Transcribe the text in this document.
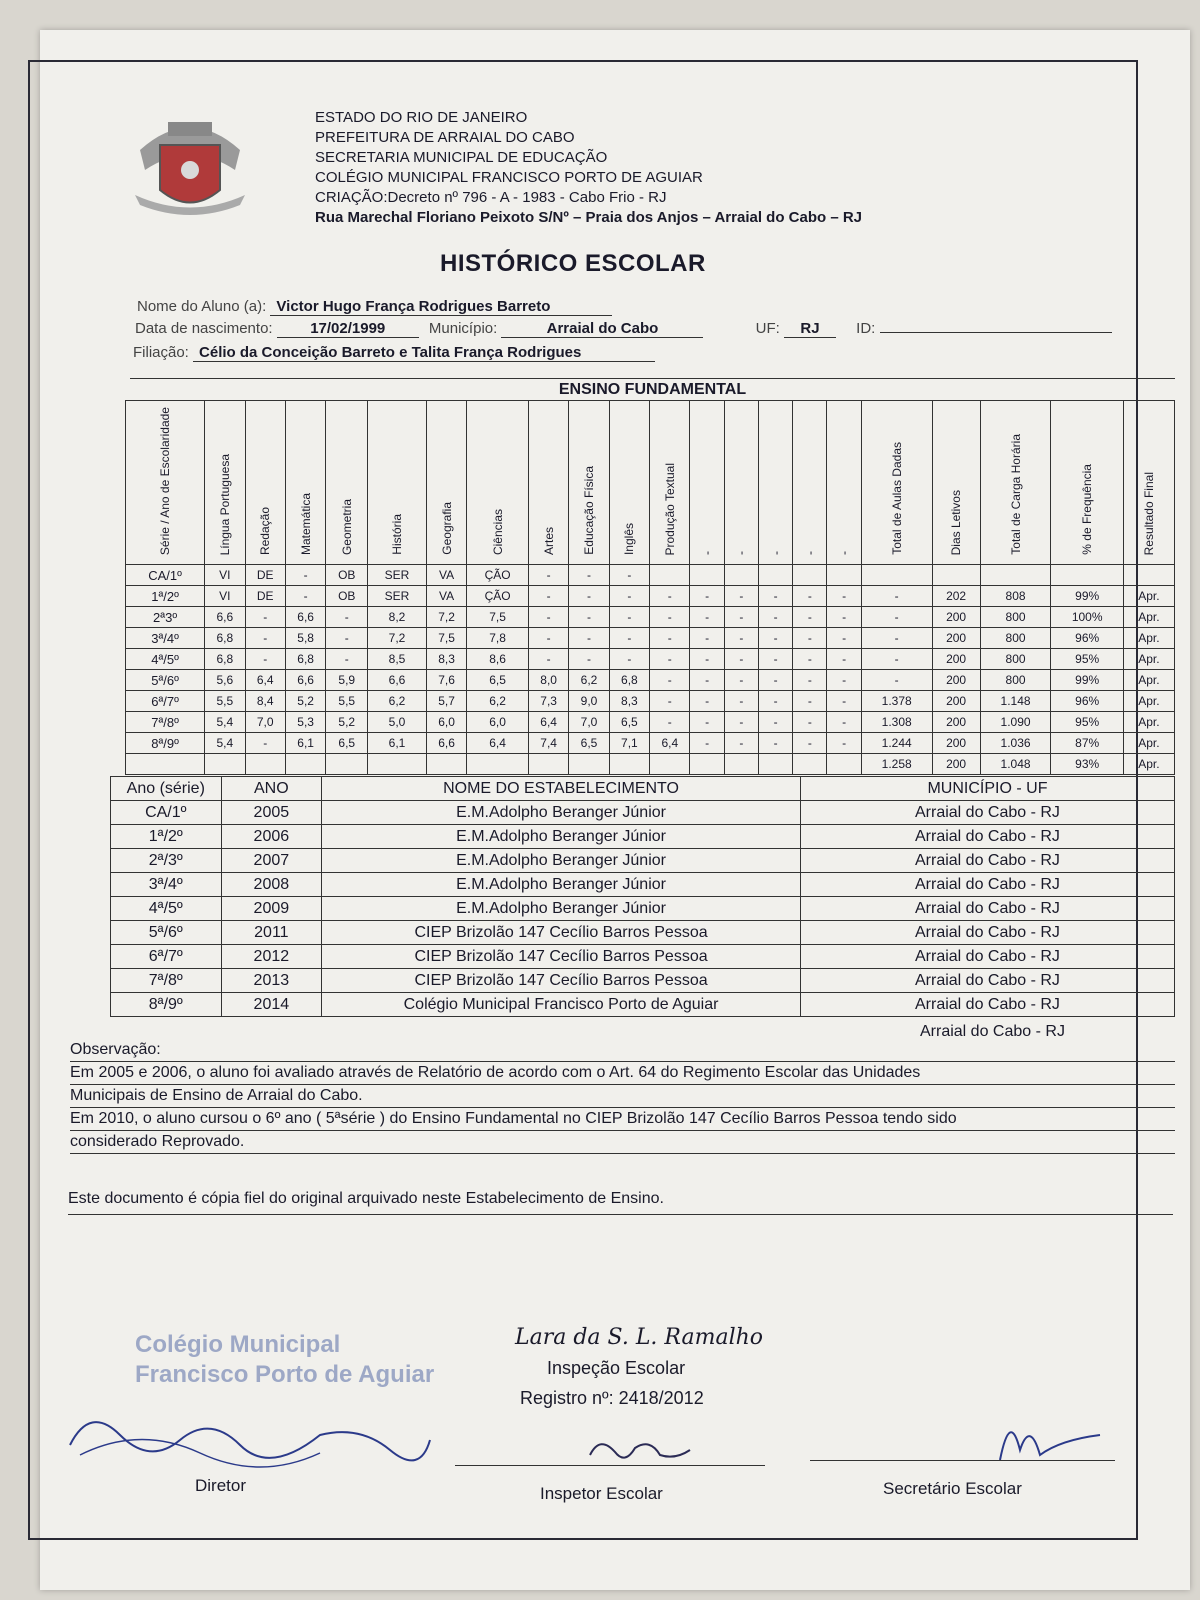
ESTADO DO RIO DE JANEIRO
PREFEITURA DE ARRAIAL DO CABO
SECRETARIA MUNICIPAL DE EDUCAÇÃO
COLÉGIO MUNICIPAL FRANCISCO PORTO DE AGUIAR
CRIAÇÃO:Decreto nº 796 - A - 1983 - Cabo Frio - RJ
Rua Marechal Floriano Peixoto S/Nº – Praia dos Anjos – Arraial do Cabo – RJ
HISTÓRICO ESCOLAR
Nome do Aluno (a): Victor Hugo França Rodrigues Barreto
Data de nascimento:	17/02/1999	Município:	Arraial do Cabo	UF: RJ ID:
Filiação: Célio da Conceição Barreto e Talita França Rodrigues
ENSINO FUNDAMENTAL
Série / Ano de Escolaridade	Língua Portuguesa	Redação	Matemática	Geometria	História	Geografia	Ciências	Artes	Educação Física	Inglês	Produção Textual	-	-	-	-	-	Total de Aulas Dadas	Dias Letivos	Total de Carga Horária	% de Frequência	Resultado Final
CA/1º	VI	DE	-	OB	SER	VA	ÇÃO	-	-	-											
1ª/2º	VI	DE	-	OB	SER	VA	ÇÃO	-	-	-	-	-	-	-	-	-	-	202	808	99%	Apr.
2ª3º	6,6	-	6,6	-	8,2	7,2	7,5	-	-	-	-	-	-	-	-	-	-	200	800	100%	Apr.
3ª/4º	6,8	-	5,8	-	7,2	7,5	7,8	-	-	-	-	-	-	-	-	-	-	200	800	96%	Apr.
4ª/5º	6,8	-	6,8	-	8,5	8,3	8,6	-	-	-	-	-	-	-	-	-	-	200	800	95%	Apr.
5ª/6º	5,6	6,4	6,6	5,9	6,6	7,6	6,5	8,0	6,2	6,8	-	-	-	-	-	-	-	200	800	99%	Apr.
6ª/7º	5,5	8,4	5,2	5,5	6,2	5,7	6,2	7,3	9,0	8,3	-	-	-	-	-	-	1.378	200	1.148	96%	Apr.
7ª/8º	5,4	7,0	5,3	5,2	5,0	6,0	6,0	6,4	7,0	6,5	-	-	-	-	-	-	1.308	200	1.090	95%	Apr.
8ª/9º	5,4	-	6,1	6,5	6,1	6,6	6,4	7,4	6,5	7,1	6,4	-	-	-	-	-	1.244	200	1.036	87%	Apr.
																	1.258	200	1.048	93%	Apr.
Ano (série)	ANO	NOME DO ESTABELECIMENTO	MUNICÍPIO - UF
CA/1º	2005	E.M.Adolpho Beranger Júnior	Arraial do Cabo - RJ
1ª/2º	2006	E.M.Adolpho Beranger Júnior	Arraial do Cabo - RJ
2ª/3º	2007	E.M.Adolpho Beranger Júnior	Arraial do Cabo - RJ
3ª/4º	2008	E.M.Adolpho Beranger Júnior	Arraial do Cabo - RJ
4ª/5º	2009	E.M.Adolpho Beranger Júnior	Arraial do Cabo - RJ
5ª/6º	2011	CIEP Brizolão 147 Cecílio Barros Pessoa	Arraial do Cabo - RJ
6ª/7º	2012	CIEP Brizolão 147 Cecílio Barros Pessoa	Arraial do Cabo - RJ
7ª/8º	2013	CIEP Brizolão 147 Cecílio Barros Pessoa	Arraial do Cabo - RJ
8ª/9º	2014	Colégio Municipal Francisco Porto de Aguiar	Arraial do Cabo - RJ
Arraial do Cabo - RJ
Observação:
Em 2005 e 2006, o aluno foi avaliado através de Relatório de acordo com o Art. 64 do Regimento Escolar das Unidades
Municipais de Ensino de Arraial do Cabo.
Em 2010, o aluno cursou o 6º ano ( 5ªsérie ) do Ensino Fundamental no CIEP Brizolão 147 Cecílio Barros Pessoa tendo sido
considerado Reprovado.
Este documento é cópia fiel do original arquivado neste Estabelecimento de Ensino.
Colégio Municipal
Francisco Porto de Aguiar
Lara da S. L. Ramalho
Inspeção Escolar
Registro nº: 2418/2012
Diretor	Inspetor Escolar	Secretário Escolar
